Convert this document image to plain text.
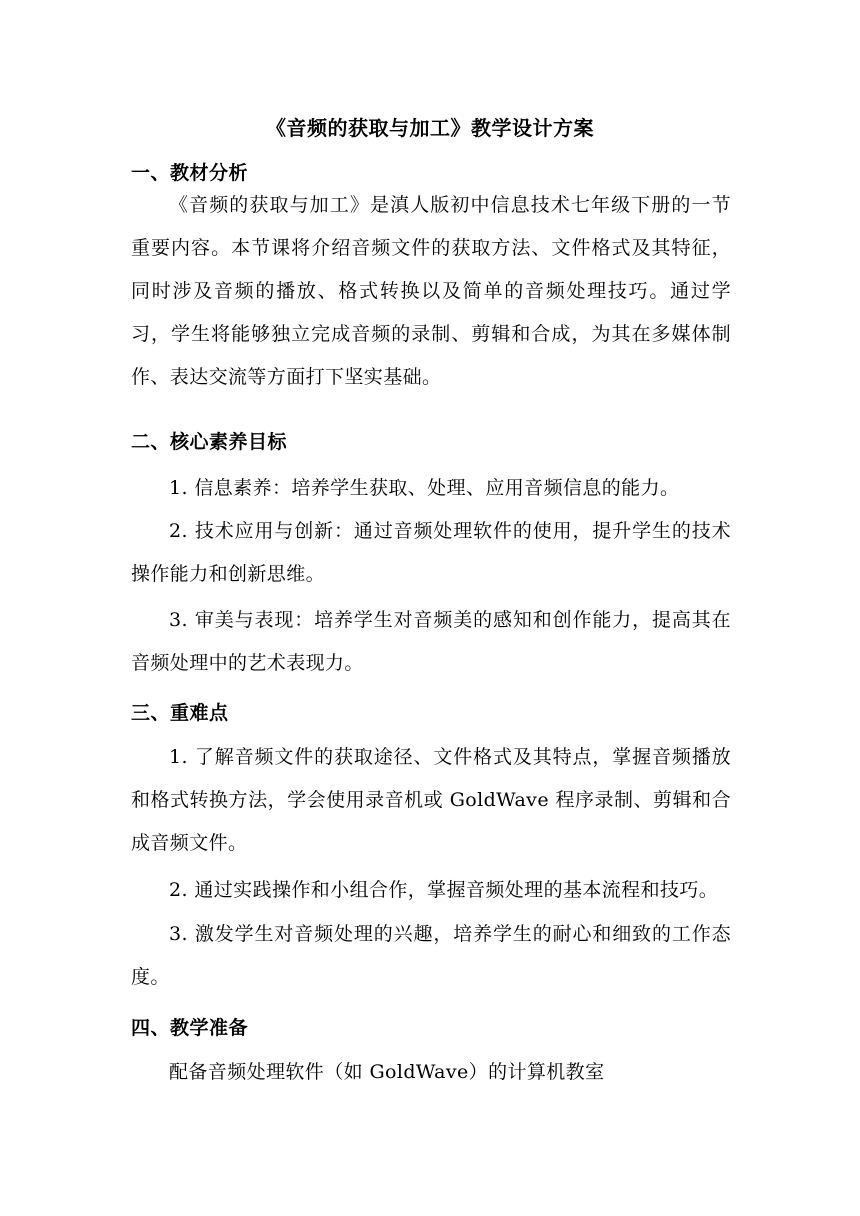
《音频的获取与加工》教学设计方案
一、教材分析

《音频的获取与加工》是滇人版初中信息技术七年级下册的一节重要内容。本节课将介绍音频文件的获取方法、文件格式及其特征，同时涉及音频的播放、格式转换以及简单的音频处理技巧。通过学习，学生将能够独立完成音频的录制、剪辑和合成，为其在多媒体制作、表达交流等方面打下坚实基础。

二、核心素养目标

1. 信息素养：培养学生获取、处理、应用音频信息的能力。

2. 技术应用与创新：通过音频处理软件的使用，提升学生的技术操作能力和创新思维。

3. 审美与表现：培养学生对音频美的感知和创作能力，提高其在音频处理中的艺术表现力。

三、重难点

1. 了解音频文件的获取途径、文件格式及其特点，掌握音频播放和格式转换方法，学会使用录音机或 GoldWave 程序录制、剪辑和合成音频文件。

2. 通过实践操作和小组合作，掌握音频处理的基本流程和技巧。

3. 激发学生对音频处理的兴趣，培养学生的耐心和细致的工作态度。

四、教学准备

配备音频处理软件（如 GoldWave）的计算机教室
